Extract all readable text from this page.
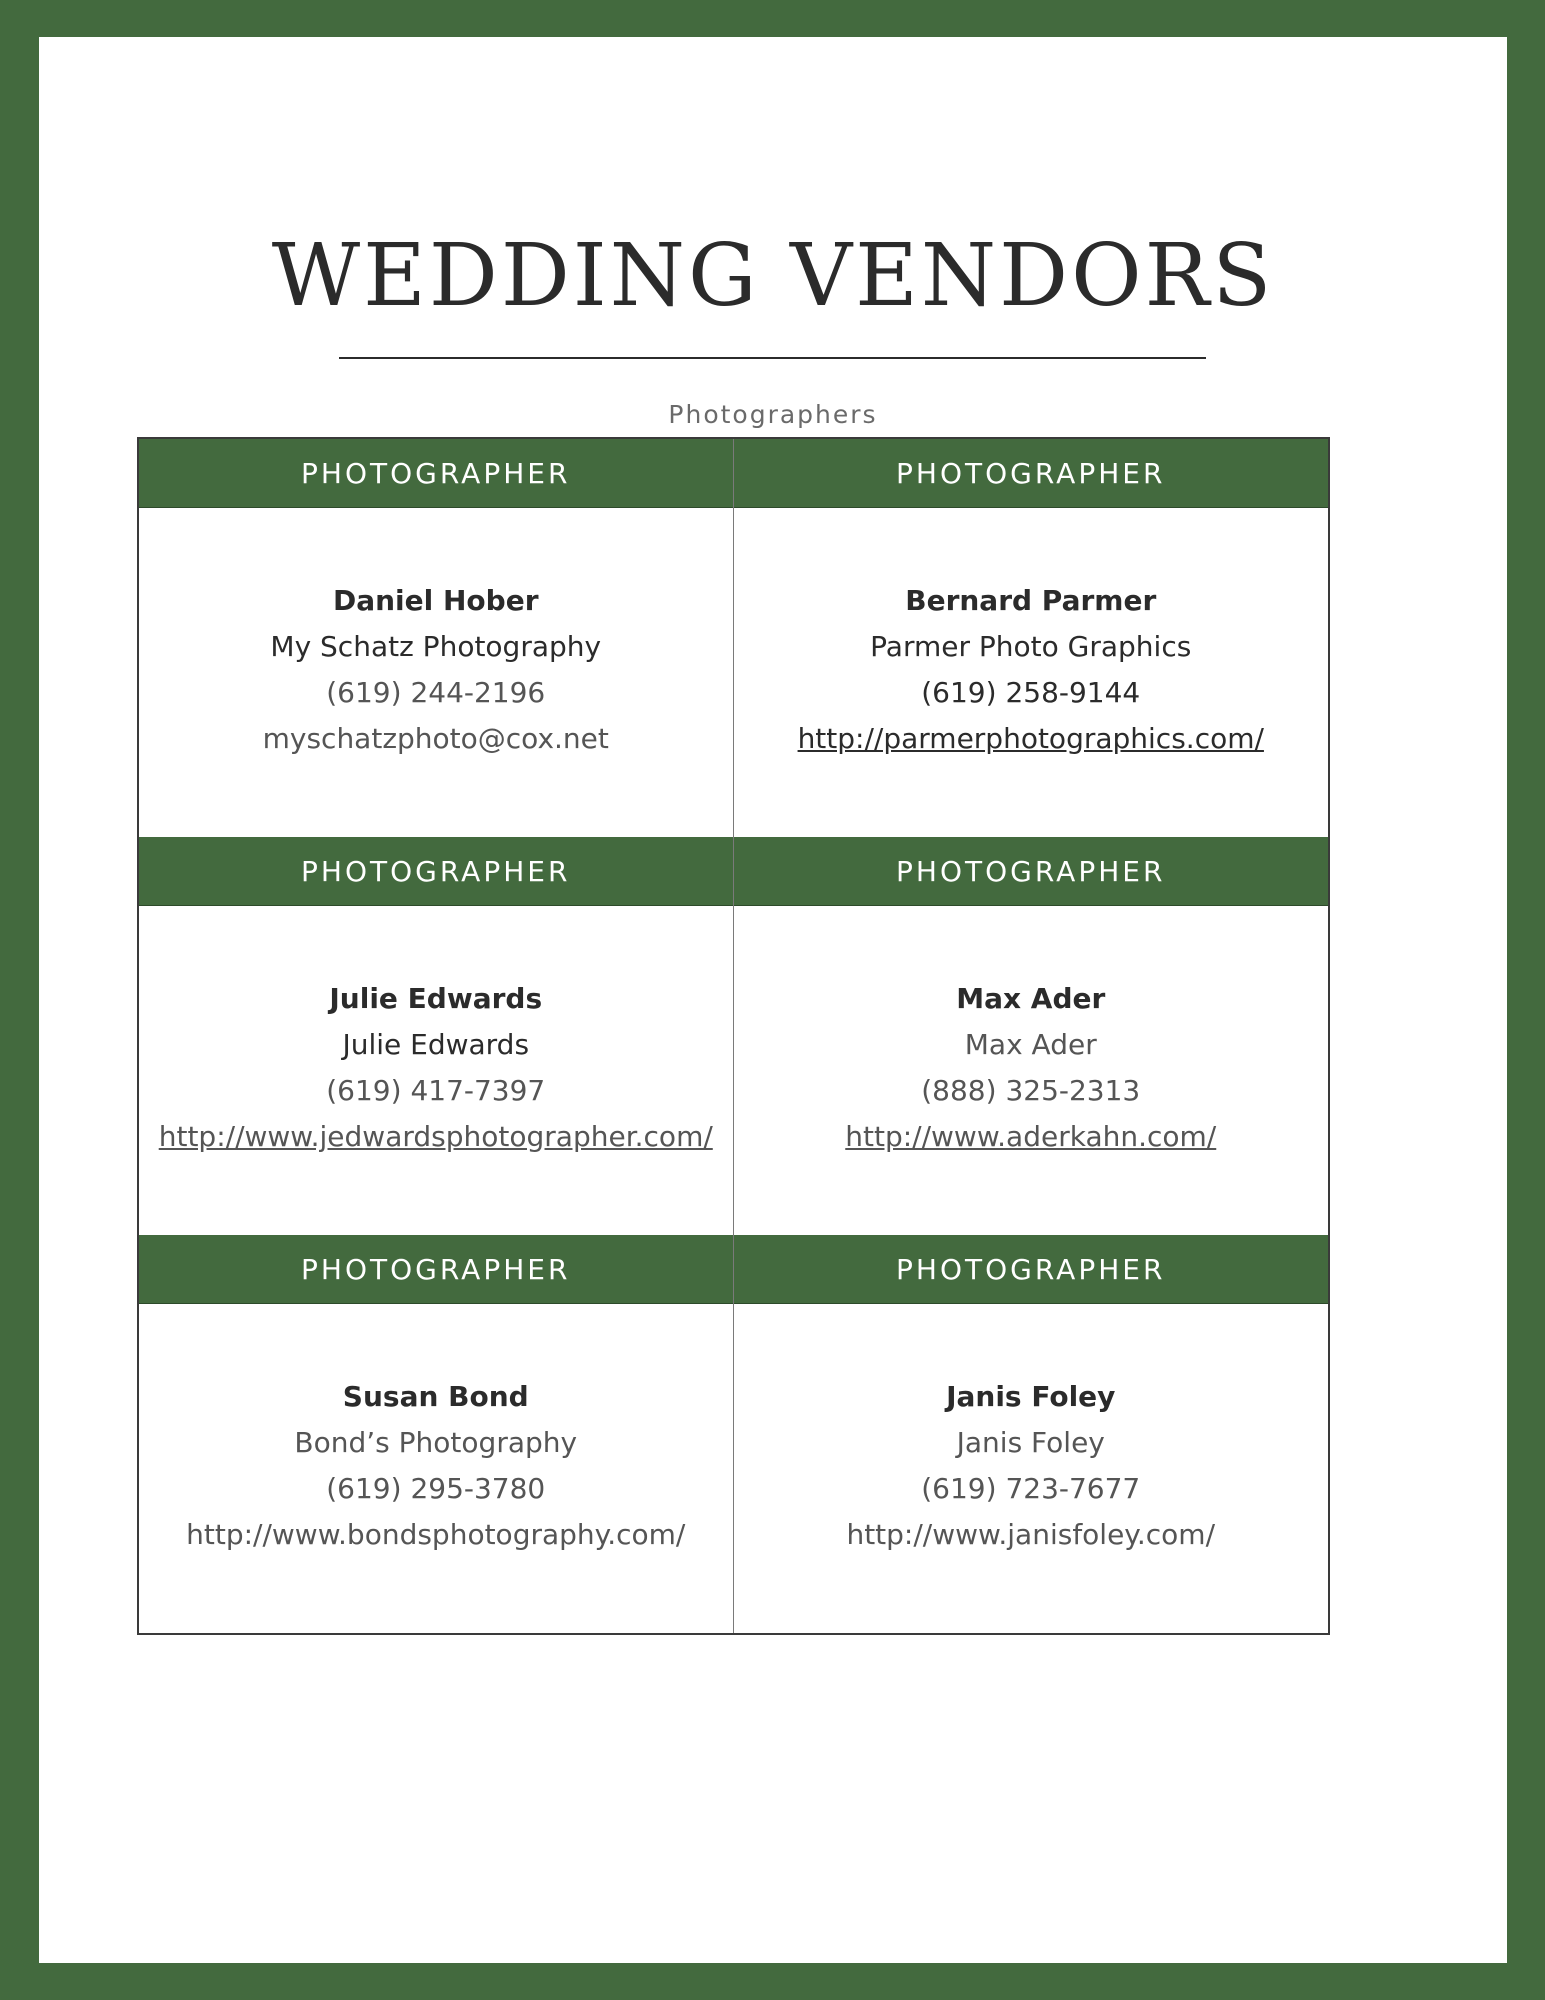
WEDDING VENDORS
Photographers
PHOTOGRAPHER
Daniel Hober
My Schatz Photography
(619) 244-2196
myschatzphoto@cox.net
PHOTOGRAPHER
Bernard Parmer
Parmer Photo Graphics
(619) 258-9144
http://parmerphotographics.com/
PHOTOGRAPHER
Julie Edwards
Julie Edwards
(619) 417-7397
http://www.jedwardsphotographer.com/
PHOTOGRAPHER
Max Ader
Max Ader
(888) 325-2313
http://www.aderkahn.com/
PHOTOGRAPHER
Susan Bond
Bond’s Photography
(619) 295-3780
http://www.bondsphotography.com/
PHOTOGRAPHER
Janis Foley
Janis Foley
(619) 723-7677
http://www.janisfoley.com/
